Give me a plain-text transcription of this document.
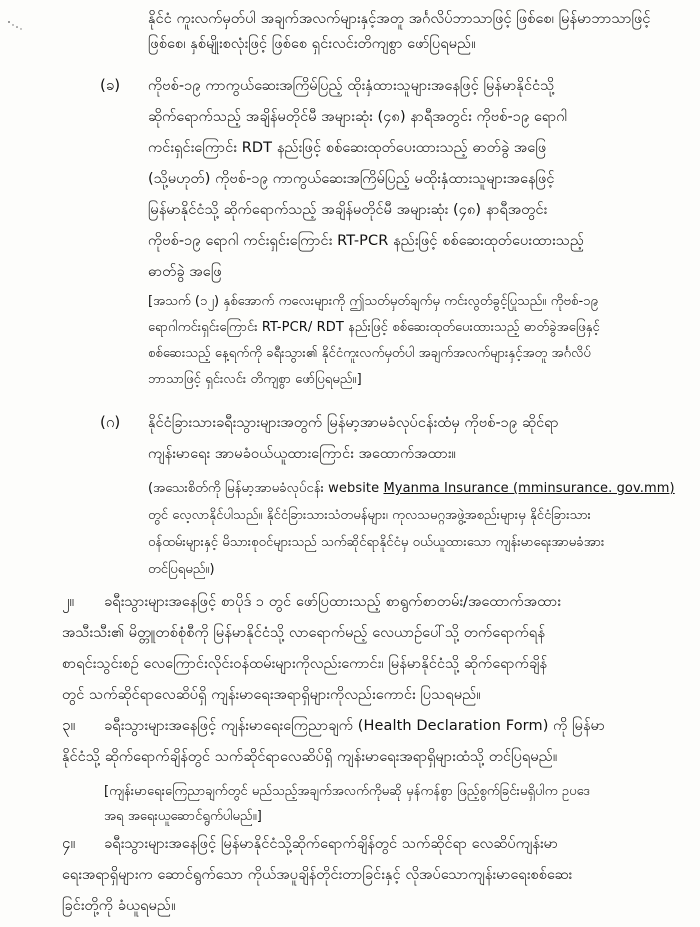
နိုင်ငံ ကူးလက်မှတ်ပါ အချက်အလက်များနှင့်အတူ အင်္ဂလိပ်ဘာသာဖြင့် ဖြစ်စေ၊ မြန်မာဘာသာဖြင့်
ဖြစ်စေ၊ နှစ်မျိုးစလုံးဖြင့် ဖြစ်စေ ရှင်းလင်းတိကျစွာ ဖော်ပြရမည်။
(ခ) ကိုဗစ်-၁၉ ကာကွယ်ဆေးအကြိမ်ပြည့် ထိုးနှံထားသူများအနေဖြင့် မြန်မာနိုင်ငံသို့
ဆိုက်ရောက်သည့် အချိန်မတိုင်မီ အများဆုံး (၄၈) နာရီအတွင်း ကိုဗစ်-၁၉ ရောဂါ
ကင်းရှင်းကြောင်း RDT နည်းဖြင့် စစ်ဆေးထုတ်ပေးထားသည့် ဓာတ်ခွဲ အဖြေ
(သို့မဟုတ်) ကိုဗစ်-၁၉ ကာကွယ်ဆေးအကြိမ်ပြည့် မထိုးနှံထားသူများအနေဖြင့်
မြန်မာနိုင်ငံသို့ ဆိုက်ရောက်သည့် အချိန်မတိုင်မီ အများဆုံး (၄၈) နာရီအတွင်း
ကိုဗစ်-၁၉ ရောဂါ ကင်းရှင်းကြောင်း RT-PCR နည်းဖြင့် စစ်ဆေးထုတ်ပေးထားသည့်
ဓာတ်ခွဲ အဖြေ
[အသက် (၁၂) နှစ်အောက် ကလေးများကို ဤသတ်မှတ်ချက်မှ ကင်းလွတ်ခွင့်ပြုသည်။ ကိုဗစ်-၁၉
ရောဂါကင်းရှင်းကြောင်း RT-PCR/ RDT နည်းဖြင့် စစ်ဆေးထုတ်ပေးထားသည့် ဓာတ်ခွဲအဖြေနှင့်
စစ်ဆေးသည့် နေ့ရက်ကို ခရီးသွား၏ နိုင်ငံကူးလက်မှတ်ပါ အချက်အလက်များနှင့်အတူ အင်္ဂလိပ်
ဘာသာဖြင့် ရှင်းလင်း တိကျစွာ ဖော်ပြရမည်။]
(ဂ) နိုင်ငံခြားသားခရီးသွားများအတွက် မြန်မာ့အာမခံလုပ်ငန်းထံမှ ကိုဗစ်-၁၉ ဆိုင်ရာ
ကျန်းမာရေး အာမခံဝယ်ယူထားကြောင်း အထောက်အထား။
(အသေးစိတ်ကို မြန်မာ့အာမခံလုပ်ငန်း website Myanma Insurance (mminsurance. gov.mm)
တွင် လေ့လာနိုင်ပါသည်။ နိုင်ငံခြားသားသံတမန်များ၊ ကုလသမဂ္ဂအဖွဲ့အစည်းများမှ နိုင်ငံခြားသား
ဝန်ထမ်းများနှင့် မိသားစုဝင်များသည် သက်ဆိုင်ရာနိုင်ငံမှ ဝယ်ယူထားသော ကျန်းမာရေးအာမခံအား
တင်ပြရမည်။)
၂။ ခရီးသွားများအနေဖြင့် စာပိုဒ် ၁ တွင် ဖော်ပြထားသည့် စာရွက်စာတမ်း/အထောက်အထား
အသီးသီး၏ မိတ္တူတစ်စုံစီကို မြန်မာနိုင်ငံသို့ လာရောက်မည့် လေယာဉ်ပေါ်သို့ တက်ရောက်ရန်
စာရင်းသွင်းစဉ် လေကြောင်းလိုင်းဝန်ထမ်းများကိုလည်းကောင်း၊ မြန်မာနိုင်ငံသို့ ဆိုက်ရောက်ချိန်
တွင် သက်ဆိုင်ရာလေဆိပ်ရှိ ကျန်းမာရေးအရာရှိများကိုလည်းကောင်း ပြသရမည်။
၃။ ခရီးသွားများအနေဖြင့် ကျန်းမာရေးကြေညာချက် (Health Declaration Form) ကို မြန်မာ
နိုင်ငံသို့ ဆိုက်ရောက်ချိန်တွင် သက်ဆိုင်ရာလေဆိပ်ရှိ ကျန်းမာရေးအရာရှိများထံသို့ တင်ပြရမည်။
[ကျန်းမာရေးကြေညာချက်တွင် မည်သည့်အချက်အလက်ကိုမဆို မှန်ကန်စွာ ဖြည့်စွက်ခြင်းမရှိပါက ဥပဒေ
အရ အရေးယူဆောင်ရွက်ပါမည်။]
၄။ ခရီးသွားများအနေဖြင့် မြန်မာနိုင်ငံသို့ဆိုက်ရောက်ချိန်တွင် သက်ဆိုင်ရာ လေဆိပ်ကျန်းမာ
ရေးအရာရှိများက ဆောင်ရွက်သော ကိုယ်အပူချိန်တိုင်းတာခြင်းနှင့် လိုအပ်သောကျန်းမာရေးစစ်ဆေး
ခြင်းတို့ကို ခံယူရမည်။
